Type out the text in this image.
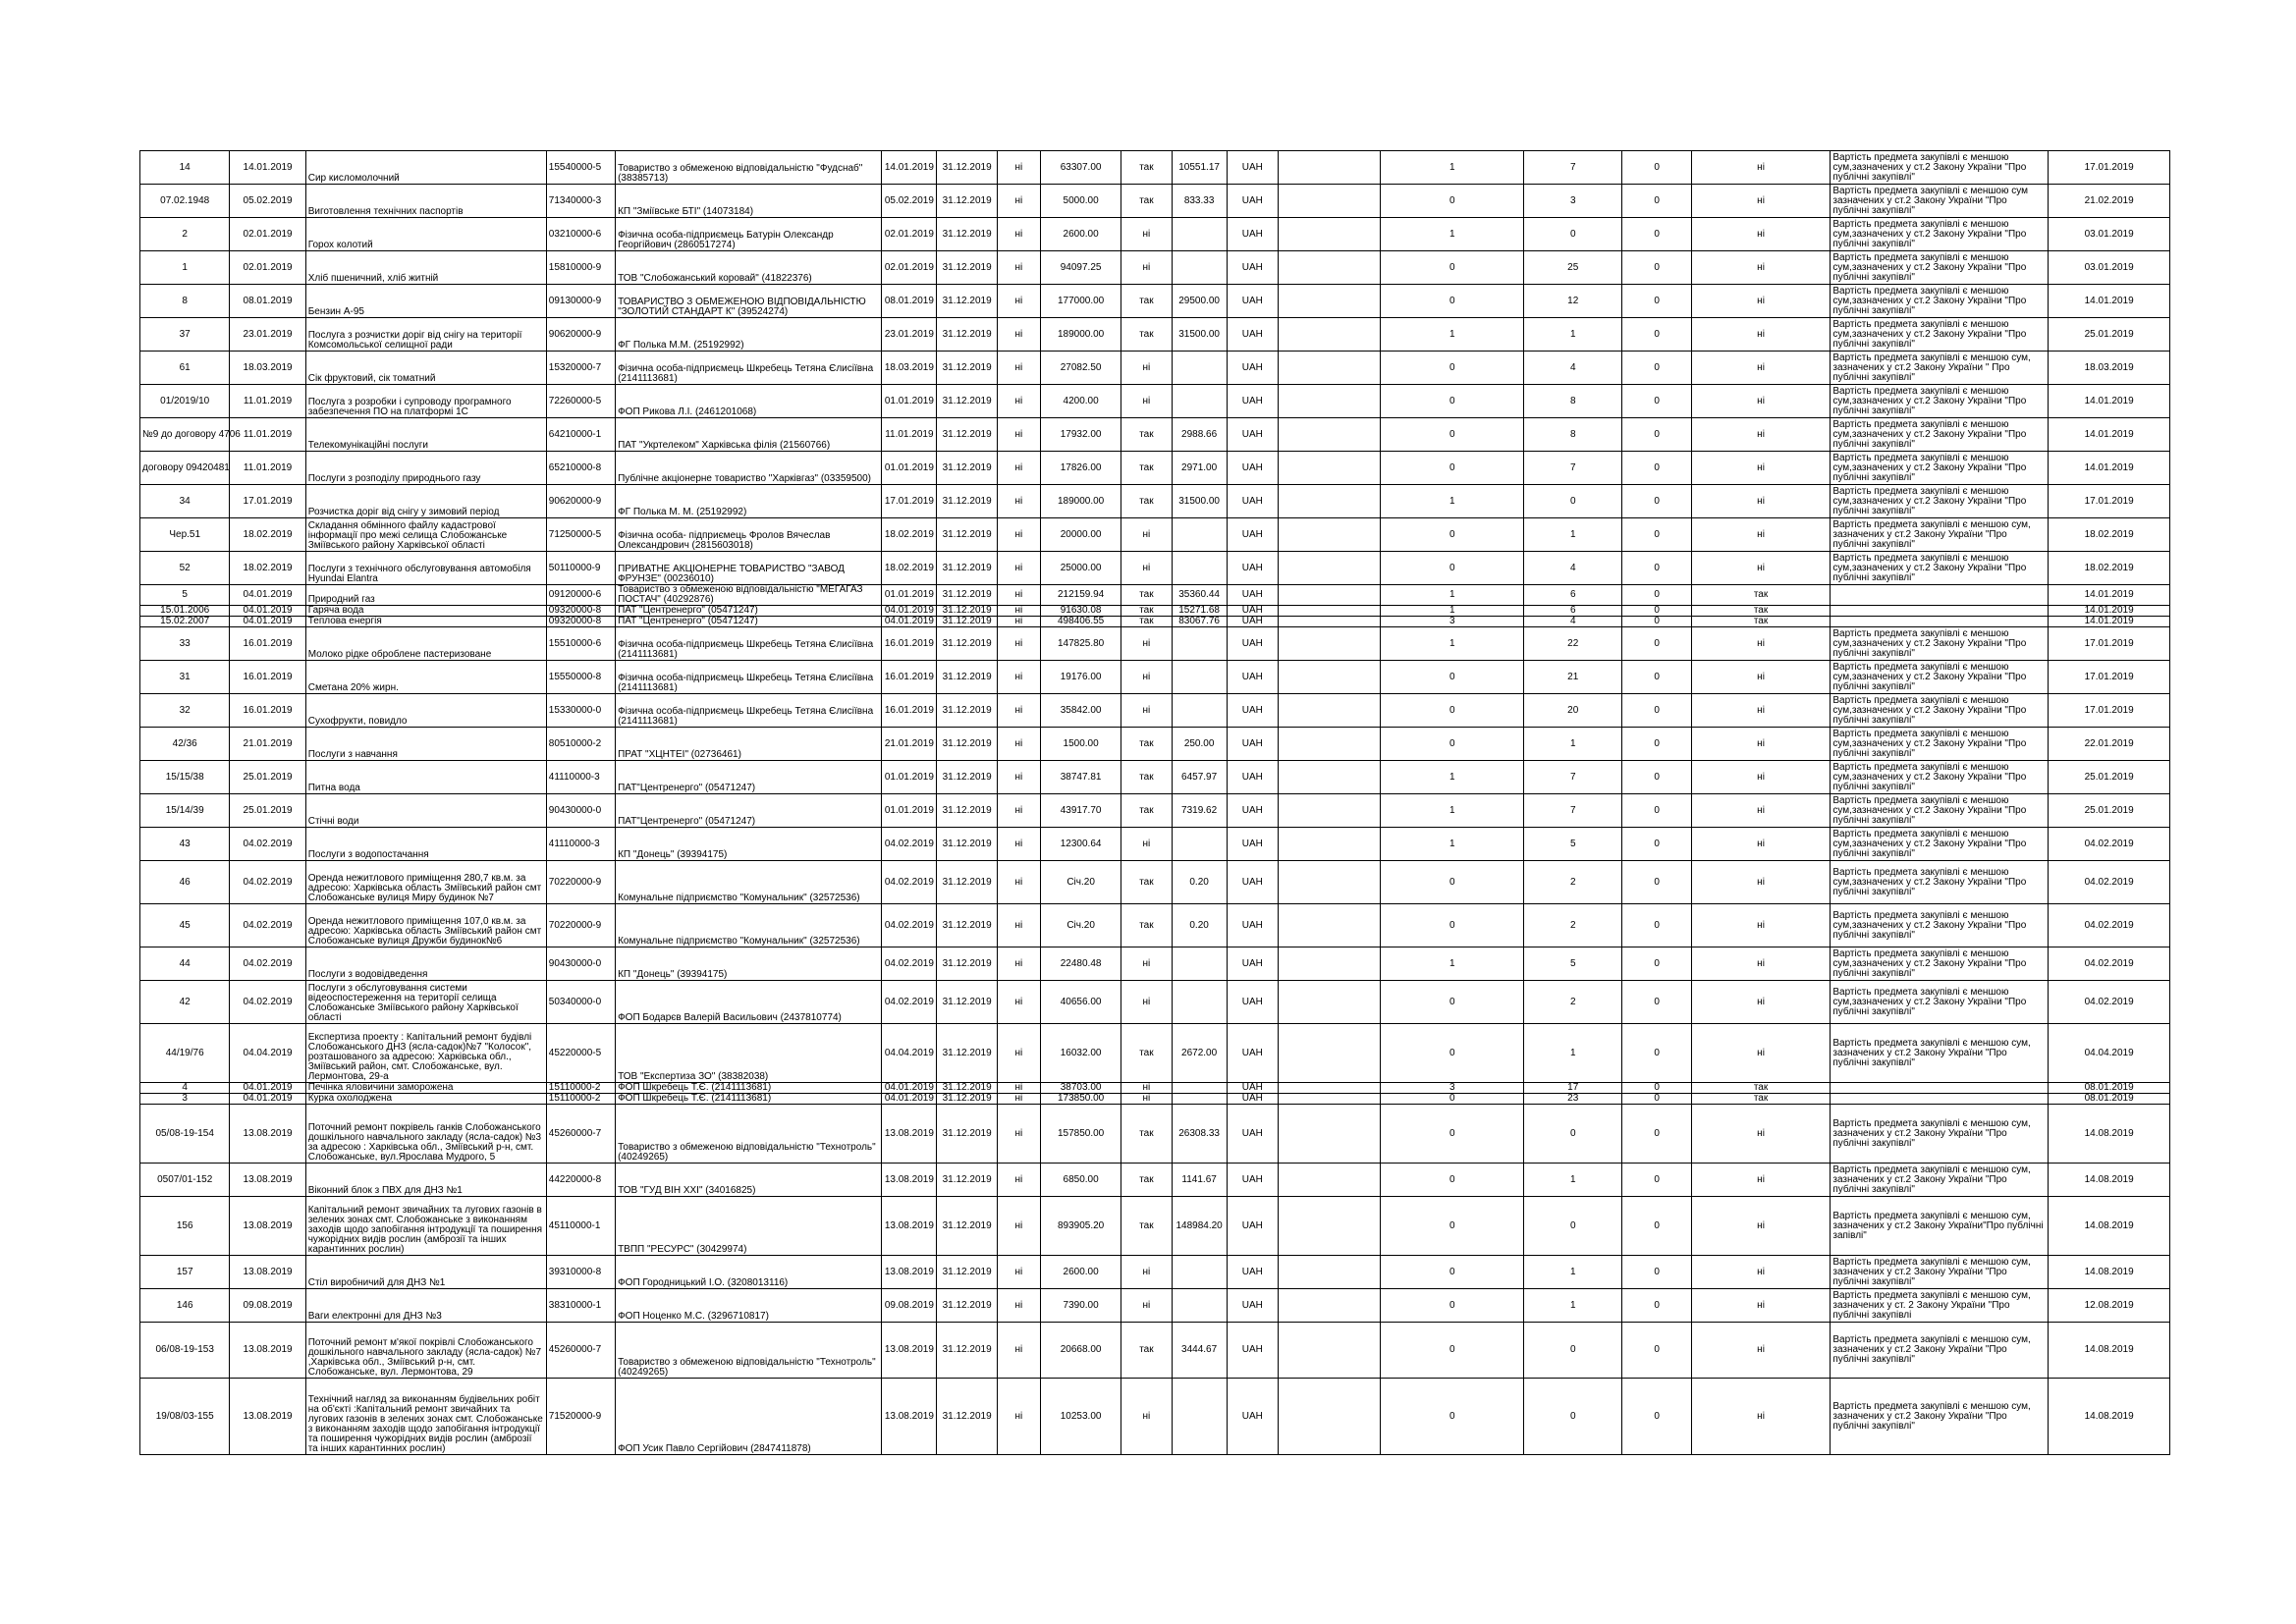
14	14.01.2019	Сир кисломолочний	15540000-5	Товариство з обмеженою відповідальністю "Фудснаб" (38385713)	14.01.2019	31.12.2019	ні	63307.00	так	10551.17	UAH		1	7	0	ні	Вартість предмета закупівлі є меншою сум,зазначених у ст.2 Закону України "Про публічні закупівлі"	17.01.2019
07.02.1948	05.02.2019	Виготовлення технічних паспортів	71340000-3	КП "Зміївське БТІ" (14073184)	05.02.2019	31.12.2019	ні	5000.00	так	833.33	UAH		0	3	0	ні	Вартість предмета закупівлі є меншою сум зазначених у ст.2 Закону України "Про публічні закупівлі"	21.02.2019
2	02.01.2019	Горох колотий	03210000-6	Фізична особа-підприємець Батурін Олександр Георгійович (2860517274)	02.01.2019	31.12.2019	ні	2600.00	ні		UAH		1	0	0	ні	Вартість предмета закупівлі є меншою сум,зазначених у ст.2 Закону України "Про публічні закупівлі"	03.01.2019
1	02.01.2019	Хліб пшеничний, хліб житній	15810000-9	ТОВ "Слобожанський коровай" (41822376)	02.01.2019	31.12.2019	ні	94097.25	ні		UAH		0	25	0	ні	Вартість предмета закупівлі є меншою сум,зазначених у ст.2 Закону України "Про публічні закупівлі"	03.01.2019
8	08.01.2019	Бензин А-95	09130000-9	ТОВАРИСТВО З ОБМЕЖЕНОЮ ВІДПОВІДАЛЬНІСТЮ "ЗОЛОТИЙ СТАНДАРТ К" (39524274)	08.01.2019	31.12.2019	ні	177000.00	так	29500.00	UAH		0	12	0	ні	Вартість предмета закупівлі є меншою сум,зазначених у ст.2 Закону України "Про публічні закупівлі"	14.01.2019
37	23.01.2019	Послуга з розчистки доріг від снігу на території Комсомольської селищної ради	90620000-9	ФГ Полька М.М. (25192992)	23.01.2019	31.12.2019	ні	189000.00	так	31500.00	UAH		1	1	0	ні	Вартість предмета закупівлі є меншою сум,зазначених у ст.2 Закону України "Про публічні закупівлі"	25.01.2019
61	18.03.2019	Сік фруктовий, сік томатний	15320000-7	Фізична особа-підприємець Шкребець Тетяна Єлисіївна (2141113681)	18.03.2019	31.12.2019	ні	27082.50	ні		UAH		0	4	0	ні	Вартість предмета закупівлі є меншою сум, зазначених у ст.2 Закону України " Про публічні закупівлі"	18.03.2019
01/2019/10	11.01.2019	Послуга з розробки і супроводу програмного забезпечення ПО на платформі 1С	72260000-5	ФОП Рикова Л.І. (2461201068)	01.01.2019	31.12.2019	ні	4200.00	ні		UAH		0	8	0	ні	Вартість предмета закупівлі є меншою сум,зазначених у ст.2 Закону України "Про публічні закупівлі"	14.01.2019
№9 до договору 4706	11.01.2019	Телекомунікаційні послуги	64210000-1	ПАТ "Укртелеком" Харківська філія (21560766)	11.01.2019	31.12.2019	ні	17932.00	так	2988.66	UAH		0	8	0	ні	Вартість предмета закупівлі є меншою сум,зазначених у ст.2 Закону України "Про публічні закупівлі"	14.01.2019
договору 09420481	11.01.2019	Послуги з розподілу природнього газу	65210000-8	Публічне акціонерне товариство "Харківгаз" (03359500)	01.01.2019	31.12.2019	ні	17826.00	так	2971.00	UAH		0	7	0	ні	Вартість предмета закупівлі є меншою сум,зазначених у ст.2 Закону України "Про публічні закупівлі"	14.01.2019
34	17.01.2019	Розчистка доріг від снігу у зимовий період	90620000-9	ФГ Полька М. М. (25192992)	17.01.2019	31.12.2019	ні	189000.00	так	31500.00	UAH		1	0	0	ні	Вартість предмета закупівлі є меншою сум,зазначених у ст.2 Закону України "Про публічні закупівлі"	17.01.2019
Чер.51	18.02.2019	Складання обмінного файлу кадастрової інформації про межі селища Слобожанське Зміївського району Харківської області	71250000-5	Фізична особа- підприємець Фролов Вячеслав Олександрович (2815603018)	18.02.2019	31.12.2019	ні	20000.00	ні		UAH		0	1	0	ні	Вартість предмета закупівлі є меншою сум, зазначених у ст.2 Закону України "Про публічні закупівлі"	18.02.2019
52	18.02.2019	Послуги з технічного обслуговування автомобіля Hyundai Elantra	50110000-9	ПРИВАТНЕ АКЦІОНЕРНЕ ТОВАРИСТВО "ЗАВОД ФРУНЗЕ" (00236010)	18.02.2019	31.12.2019	ні	25000.00	ні		UAH		0	4	0	ні	Вартість предмета закупівлі є меншою сум,зазначених у ст.2 Закону України "Про публічні закупівлі"	18.02.2019
5	04.01.2019	Природний газ	09120000-6	Товариство з обмеженою відповідальністю "МЕГАГАЗ ПОСТАЧ" (40292876)	01.01.2019	31.12.2019	ні	212159.94	так	35360.44	UAH		1	6	0	так		14.01.2019
15.01.2006	04.01.2019	Гаряча вода	09320000-8	ПАТ "Центренерго" (05471247)	04.01.2019	31.12.2019	ні	91630.08	так	15271.68	UAH		1	6	0	так		14.01.2019
15.02.2007	04.01.2019	Теплова енергія	09320000-8	ПАТ "Центренерго" (05471247)	04.01.2019	31.12.2019	ні	498406.55	так	83067.76	UAH		3	4	0	так		14.01.2019
33	16.01.2019	Молоко рідке оброблене пастеризоване	15510000-6	Фізична особа-підприємець Шкребець Тетяна Єлисіївна (2141113681)	16.01.2019	31.12.2019	ні	147825.80	ні		UAH		1	22	0	ні	Вартість предмета закупівлі є меншою сум,зазначених у ст.2 Закону України "Про публічні закупівлі"	17.01.2019
31	16.01.2019	Сметана 20% жирн.	15550000-8	Фізична особа-підприємець Шкребець Тетяна Єлисіївна (2141113681)	16.01.2019	31.12.2019	ні	19176.00	ні		UAH		0	21	0	ні	Вартість предмета закупівлі є меншою сум,зазначених у ст.2 Закону України "Про публічні закупівлі"	17.01.2019
32	16.01.2019	Сухофрукти, повидло	15330000-0	Фізична особа-підприємець Шкребець Тетяна Єлисіївна (2141113681)	16.01.2019	31.12.2019	ні	35842.00	ні		UAH		0	20	0	ні	Вартість предмета закупівлі є меншою сум,зазначених у ст.2 Закону України "Про публічні закупівлі"	17.01.2019
42/36	21.01.2019	Послуги з навчання	80510000-2	ПРАТ "ХЦНТЕІ" (02736461)	21.01.2019	31.12.2019	ні	1500.00	так	250.00	UAH		0	1	0	ні	Вартість предмета закупівлі є меншою сум,зазначених у ст.2 Закону України "Про публічні закупівлі"	22.01.2019
15/15/38	25.01.2019	Питна вода	41110000-3	ПАТ"Центренерго" (05471247)	01.01.2019	31.12.2019	ні	38747.81	так	6457.97	UAH		1	7	0	ні	Вартість предмета закупівлі є меншою сум,зазначених у ст.2 Закону України "Про публічні закупівлі"	25.01.2019
15/14/39	25.01.2019	Стічні води	90430000-0	ПАТ"Центренерго" (05471247)	01.01.2019	31.12.2019	ні	43917.70	так	7319.62	UAH		1	7	0	ні	Вартість предмета закупівлі є меншою сум,зазначених у ст.2 Закону України "Про публічні закупівлі"	25.01.2019
43	04.02.2019	Послуги з водопостачання	41110000-3	КП "Донець" (39394175)	04.02.2019	31.12.2019	ні	12300.64	ні		UAH		1	5	0	ні	Вартість предмета закупівлі є меншою сум,зазначених у ст.2 Закону України "Про публічні закупівлі"	04.02.2019
46	04.02.2019	Оренда нежитлового приміщення 280,7 кв.м. за адресою: Харківська область Зміївський район смт Слобожанське вулиця Миру будинок №7	70220000-9	Комунальне підприємство "Комунальник" (32572536)	04.02.2019	31.12.2019	ні	Січ.20	так	0.20	UAH		0	2	0	ні	Вартість предмета закупівлі є меншою сум,зазначених у ст.2 Закону України "Про публічні закупівлі"	04.02.2019
45	04.02.2019	Оренда нежитлового приміщення 107,0 кв.м. за адресою: Харківська область Зміївський район смт Слобожанське вулиця Дружби будинок№6	70220000-9	Комунальне підприємство "Комунальник" (32572536)	04.02.2019	31.12.2019	ні	Січ.20	так	0.20	UAH		0	2	0	ні	Вартість предмета закупівлі є меншою сум,зазначених у ст.2 Закону України "Про публічні закупівлі"	04.02.2019
44	04.02.2019	Послуги з водовідведення	90430000-0	КП "Донець" (39394175)	04.02.2019	31.12.2019	ні	22480.48	ні		UAH		1	5	0	ні	Вартість предмета закупівлі є меншою сум,зазначених у ст.2 Закону України "Про публічні закупівлі"	04.02.2019
42	04.02.2019	Послуги з обслуговування системи відеоспостереження на території селища Слобожанське Зміївського району Харківської області	50340000-0	ФОП Бодарєв Валерій Васильович (2437810774)	04.02.2019	31.12.2019	ні	40656.00	ні		UAH		0	2	0	ні	Вартість предмета закупівлі є меншою сум,зазначених у ст.2 Закону України "Про публічні закупівлі"	04.02.2019
44/19/76	04.04.2019	Експертиза проекту : Капітальний ремонт будівлі Слобожанського ДНЗ (ясла-садок)№7 "Колосок", розташованого за адресою: Харківська обл., Зміївський район, смт. Слобожанське, вул. Лермонтова, 29-а	45220000-5	ТОВ "Експертиза ЗО" (38382038)	04.04.2019	31.12.2019	ні	16032.00	так	2672.00	UAH		0	1	0	ні	Вартість предмета закупівлі є меншою сум, зазначених у ст.2 Закону України "Про публічні закупівлі"	04.04.2019
4	04.01.2019	Печінка яловичини заморожена	15110000-2	ФОП Шкребець Т.Є. (2141113681)	04.01.2019	31.12.2019	ні	38703.00	ні		UAH		3	17	0	так		08.01.2019
3	04.01.2019	Курка охолоджена	15110000-2	ФОП Шкребець Т.Є. (2141113681)	04.01.2019	31.12.2019	ні	173850.00	ні		UAH		0	23	0	так		08.01.2019
05/08-19-154	13.08.2019	Поточний ремонт покрівель ганків Слобожанського дошкільного навчального закладу (ясла-садок) №3 за адресою : Харківська обл., Зміївський р-н, смт. Слобожанське, вул.Ярослава Мудрого, 5	45260000-7	Товариство з обмеженою відповідальністю "Технотроль" (40249265)	13.08.2019	31.12.2019	ні	157850.00	так	26308.33	UAH		0	0	0	ні	Вартість предмета закупівлі є меншою сум, зазначених у ст.2 Закону України "Про публічні закупівлі"	14.08.2019
0507/01-152	13.08.2019	Віконний блок з ПВХ для ДНЗ №1	44220000-8	ТОВ "ГУД ВІН ХХІ" (34016825)	13.08.2019	31.12.2019	ні	6850.00	так	1141.67	UAH		0	1	0	ні	Вартість предмета закупівлі є меншою сум, зазначених у ст.2 Закону України "Про публічні закупівлі"	14.08.2019
156	13.08.2019	Капітальний ремонт звичайних та лугових газонів в зелених зонах смт. Слобожанське з виконанням заходів щодо запобігання інтродукції та поширення чужорідних видів рослин (амброзії та інших карантинних рослин)	45110000-1	ТВПП "РЕСУРС" (30429974)	13.08.2019	31.12.2019	ні	893905.20	так	148984.20	UAH		0	0	0	ні	Вартість предмета закупівлі є меншою сум, зазначених у ст.2 Закону України"Про публічні запівлі"	14.08.2019
157	13.08.2019	Стіл виробничий для ДНЗ №1	39310000-8	ФОП Городницький І.О. (3208013116)	13.08.2019	31.12.2019	ні	2600.00	ні		UAH		0	1	0	ні	Вартість предмета закупівлі є меншою сум, зазначених у ст.2 Закону України "Про публічні закупівлі"	14.08.2019
146	09.08.2019	Ваги електронні для ДНЗ №3	38310000-1	ФОП Ноценко М.С. (3296710817)	09.08.2019	31.12.2019	ні	7390.00	ні		UAH		0	1	0	ні	Вартість предмета закупівлі є меншою сум, зазначених у ст. 2 Закону України "Про публічні закупівлі	12.08.2019
06/08-19-153	13.08.2019	Поточний ремонт м'якої покрівлі Слобожанського дошкільного навчального закладу (ясла-садок) №7 ,Харківська обл., Зміївський р-н, смт. Слобожанське, вул. Лермонтова, 29	45260000-7	Товариство з обмеженою відповідальністю "Технотроль" (40249265)	13.08.2019	31.12.2019	ні	20668.00	так	3444.67	UAH		0	0	0	ні	Вартість предмета закупівлі є меншою сум, зазначених у ст.2 Закону України "Про публічні закупівлі"	14.08.2019
19/08/03-155	13.08.2019	Технічний нагляд за виконанням будівельних робіт на об'єкті :Капітальний ремонт звичайних та лугових газонів в зелених зонах смт. Слобожанське з виконанням заходів щодо запобігання інтродукції та поширення чужорідних видів рослин (амброзії та інших карантинних рослин)	71520000-9	ФОП Усик Павло Сергійович (2847411878)	13.08.2019	31.12.2019	ні	10253.00	ні		UAH		0	0	0	ні	Вартість предмета закупівлі є меншою сум, зазначених у ст.2 Закону України "Про публічні закупівлі"	14.08.2019
